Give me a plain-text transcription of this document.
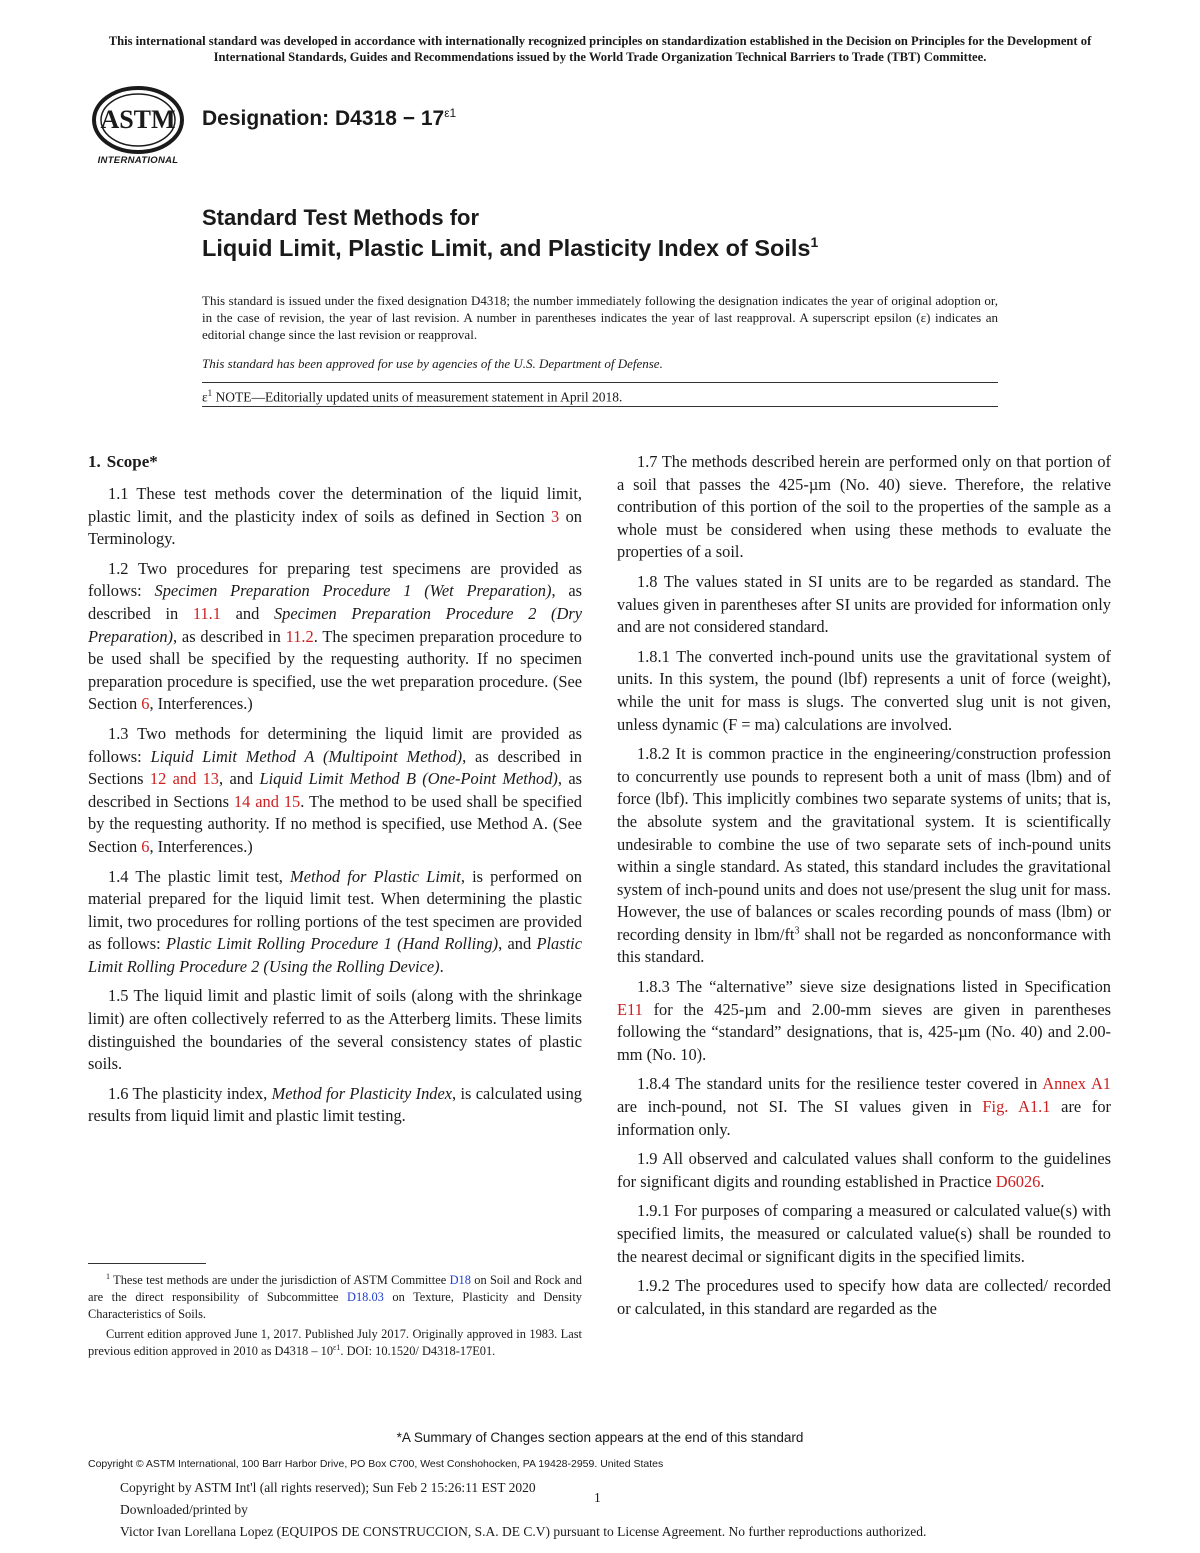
This international standard was developed in accordance with internationally recognized principles on standardization established in the Decision on Principles for the Development of International Standards, Guides and Recommendations issued by the World Trade Organization Technical Barriers to Trade (TBT) Committee.
ASTM
INTERNATIONAL
Designation: $D4318 - 17^{\varepsilon 1}$
Standard Test Methods for
Liquid Limit, Plastic Limit, and Plasticity Index of Soils$^1$
This standard is issued under the fixed designation D4318; the number immediately following the designation indicates the year of original adoption or, in the case of revision, the year of last revision. A number in parentheses indicates the year of last reapproval. A superscript epsilon (ε) indicates an editorial change since the last revision or reapproval.
This standard has been approved for use by agencies of the U.S. Department of Defense.
$\varepsilon^1$ NOTE—Editorially updated units of measurement statement in April 2018.
1. Scope*

1.1 These test methods cover the determination of the liquid limit, plastic limit, and the plasticity index of soils as defined in Section 3 on Terminology.

1.2 Two procedures for preparing test specimens are provided as follows: Specimen Preparation Procedure 1 (Wet Preparation), as described in 11.1 and Specimen Preparation Procedure 2 (Dry Preparation), as described in 11.2. The specimen preparation procedure to be used shall be specified by the requesting authority. If no specimen preparation procedure is specified, use the wet preparation procedure. (See Section 6, Interferences.)

1.3 Two methods for determining the liquid limit are provided as follows: Liquid Limit Method A (Multipoint Method), as described in Sections 12 and 13, and Liquid Limit Method B (One-Point Method), as described in Sections 14 and 15. The method to be used shall be specified by the requesting authority. If no method is specified, use Method A. (See Section 6, Interferences.)

1.4 The plastic limit test, Method for Plastic Limit, is performed on material prepared for the liquid limit test. When determining the plastic limit, two procedures for rolling portions of the test specimen are provided as follows: Plastic Limit Rolling Procedure 1 (Hand Rolling), and Plastic Limit Rolling Procedure 2 (Using the Rolling Device).

1.5 The liquid limit and plastic limit of soils (along with the shrinkage limit) are often collectively referred to as the Atterberg limits. These limits distinguished the boundaries of the several consistency states of plastic soils.

1.6 The plasticity index, Method for Plasticity Index, is calculated using results from liquid limit and plastic limit testing.

1.7 The methods described herein are performed only on that portion of a soil that passes the 425-µm (No. 40) sieve. Therefore, the relative contribution of this portion of the soil to the properties of the sample as a whole must be considered when using these methods to evaluate the properties of a soil.

1.8 The values stated in SI units are to be regarded as standard. The values given in parentheses after SI units are provided for information only and are not considered standard.

1.8.1 The converted inch-pound units use the gravitational system of units. In this system, the pound (lbf) represents a unit of force (weight), while the unit for mass is slugs. The converted slug unit is not given, unless dynamic (F = ma) calculations are involved.

1.8.2 It is common practice in the engineering/construction profession to concurrently use pounds to represent both a unit of mass (lbm) and of force (lbf). This implicitly combines two separate systems of units; that is, the absolute system and the gravitational system. It is scientifically undesirable to combine the use of two separate sets of inch-pound units within a single standard. As stated, this standard includes the gravitational system of inch-pound units and does not use/present the slug unit for mass. However, the use of balances or scales recording pounds of mass (lbm) or recording density in lbm/$ft^3$ shall not be regarded as nonconformance with this standard.

1.8.3 The “alternative” sieve size designations listed in Specification E11 for the 425-µm and 2.00-mm sieves are given in parentheses following the “standard” designations, that is, 425-µm (No. 40) and 2.00-mm (No. 10).

1.8.4 The standard units for the resilience tester covered in Annex A1 are inch-pound, not SI. The SI values given in Fig. A1.1 are for information only.

1.9 All observed and calculated values shall conform to the guidelines for significant digits and rounding established in Practice D6026.

1.9.1 For purposes of comparing a measured or calculated value(s) with specified limits, the measured or calculated value(s) shall be rounded to the nearest decimal or significant digits in the specified limits.

1.9.2 The procedures used to specify how data are collected/ recorded or calculated, in this standard are regarded as the

$^1$ These test methods are under the jurisdiction of ASTM Committee D18 on Soil and Rock and are the direct responsibility of Subcommittee D18.03 on Texture, Plasticity and Density Characteristics of Soils.

Current edition approved June 1, 2017. Published July 2017. Originally approved in 1983. Last previous edition approved in 2010 as $D4318 - 10^{\varepsilon 1}$. DOI: 10.1520/ D4318-17E01.

*A Summary of Changes section appears at the end of this standard
Copyright © ASTM International, 100 Barr Harbor Drive, PO Box C700, West Conshohocken, PA 19428-2959. United States
Copyright by ASTM Int'l (all rights reserved); Sun Feb 2 15:26:11 EST 2020
1
Downloaded/printed by
Victor Ivan Lorellana Lopez (EQUIPOS DE CONSTRUCCION, S.A. DE C.V) pursuant to License Agreement. No further reproductions authorized.
